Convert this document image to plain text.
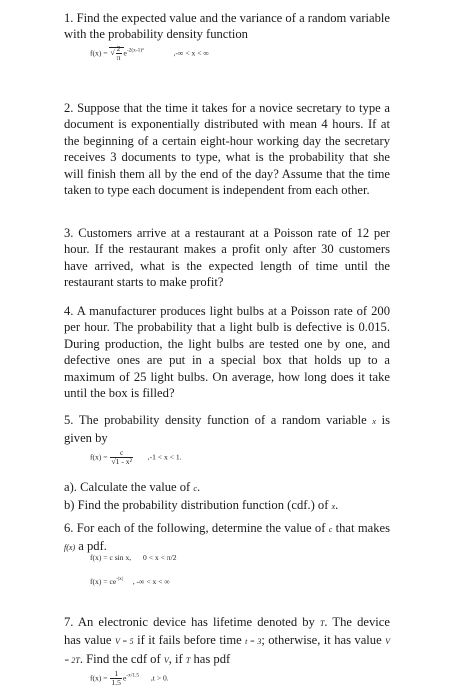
1. Find the expected value and the variance of a random variable with the probability density function

f(x) = √ $\frac{2}{\pi} e^{-2(x-1)^2}$	,-∞ < x < ∞

2. Suppose that the time it takes for a novice secretary to type a document is exponentially distributed with mean 4 hours. If at the beginning of a certain eight-hour working day the secretary receives 3 documents to type, what is the probability that she will finish them all by the end of the day? Assume that the time taken to type each document is independent from each other.

3. Customers arrive at a restaurant at a Poisson rate of 12 per hour. If the restaurant makes a profit only after 30 customers have arrived, what is the expected length of time until the restaurant starts to make profit?

4. A manufacturer produces light bulbs at a Poisson rate of 200 per hour. The probability that a light bulb is defective is 0.015. During production, the light bulbs are tested one by one, and defective ones are put in a special box that holds up to a maximum of 25 light bulbs. On average, how long does it take until the box is filled?

5. The probability density function of a random variable x is given by

$f(x) = \frac{c}{\text{√1 - x²}} ,-1 < x < 1$.
a). Calculate the value of c.
b) Find the probability distribution function (cdf.) of x.

6. For each of the following, determine the value of c that makes f(x) a pdf.

f(x) = c sin x, 0 < x < π/2
$f(x) = ce^{-|x|}$ , -∞ < x < ∞

7. An electronic device has lifetime denoted by T. The device has value V = 5 if it fails before time t = 3; otherwise, it has value V = 2T. Find the cdf of V, if T has pdf

$f(x) = \frac{1}{1.5} e^{-x/1.5}$ ,t > 0.
